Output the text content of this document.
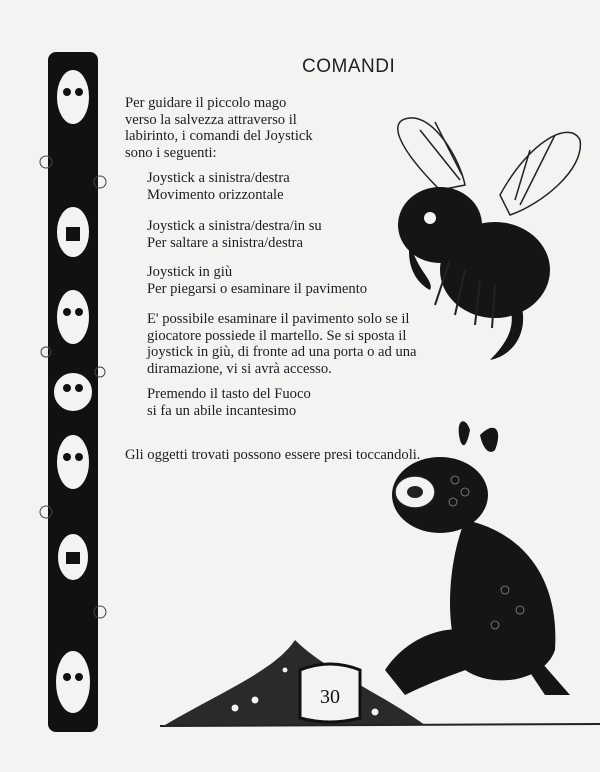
COMANDI
Per guidare il piccolo mago
verso la salvezza attraverso il
labirinto, i comandi del Joystick
sono i seguenti:
Joystick a sinistra/destra
Movimento orizzontale
Joystick a sinistra/destra/in su
Per saltare a sinistra/destra
Joystick in giù
Per piegarsi o esaminare il pavimento
E' possibile esaminare il pavimento solo se il
giocatore possiede il martello. Se si sposta il
joystick in giù, di fronte ad una porta o ad una
diramazione, vi si avrà accesso.
Premendo il tasto del Fuoco
si fa un abile incantesimo
Gli oggetti trovati possono essere presi toccandoli.
30
